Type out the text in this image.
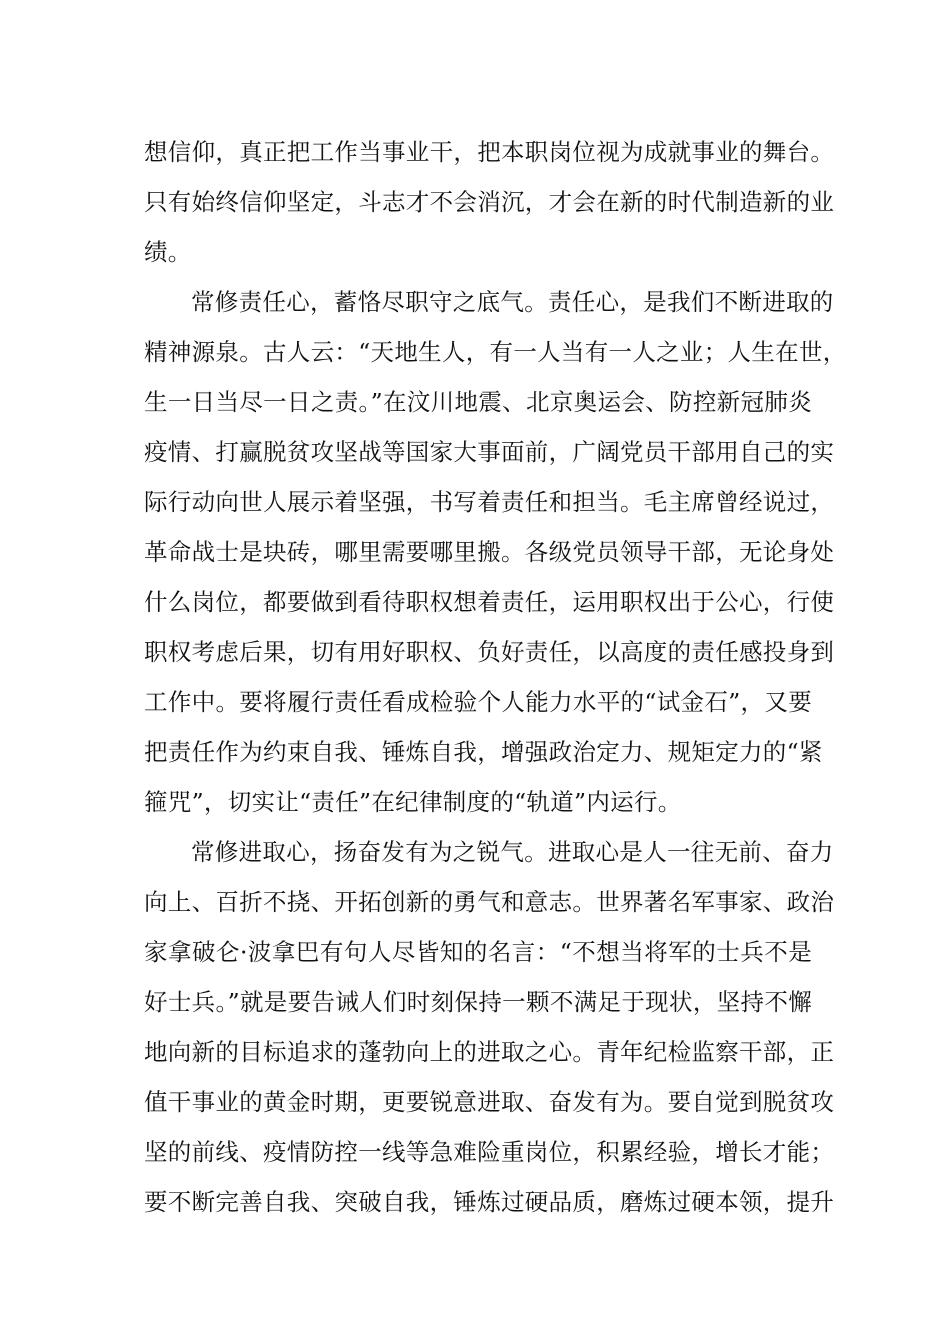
想信仰，真正把工作当事业干，把本职岗位视为成就事业的舞台。
只有始终信仰坚定，斗志才不会消沉，才会在新的时代制造新的业
绩。
常修责任心，蓄恪尽职守之底气。责任心，是我们不断进取的
精神源泉。古人云：“天地生人，有一人当有一人之业；人生在世，
生一日当尽一日之责。”在汶川地震、北京奥运会、防控新冠肺炎
疫情、打赢脱贫攻坚战等国家大事面前，广阔党员干部用自己的实
际行动向世人展示着坚强，书写着责任和担当。毛主席曾经说过，
革命战士是块砖，哪里需要哪里搬。各级党员领导干部，无论身处
什么岗位，都要做到看待职权想着责任，运用职权出于公心，行使
职权考虑后果，切有用好职权、负好责任，以高度的责任感投身到
工作中。要将履行责任看成检验个人能力水平的“试金石”，又要
把责任作为约束自我、锤炼自我，增强政治定力、规矩定力的“紧
箍咒”，切实让“责任”在纪律制度的“轨道”内运行。
常修进取心，扬奋发有为之锐气。进取心是人一往无前、奋力
向上、百折不挠、开拓创新的勇气和意志。世界著名军事家、政治
家拿破仑·波拿巴有句人尽皆知的名言：“不想当将军的士兵不是
好士兵。”就是要告诫人们时刻保持一颗不满足于现状，坚持不懈
地向新的目标追求的蓬勃向上的进取之心。青年纪检监察干部，正
值干事业的黄金时期，更要锐意进取、奋发有为。要自觉到脱贫攻
坚的前线、疫情防控一线等急难险重岗位，积累经验，增长才能；
要不断完善自我、突破自我，锤炼过硬品质，磨炼过硬本领，提升
